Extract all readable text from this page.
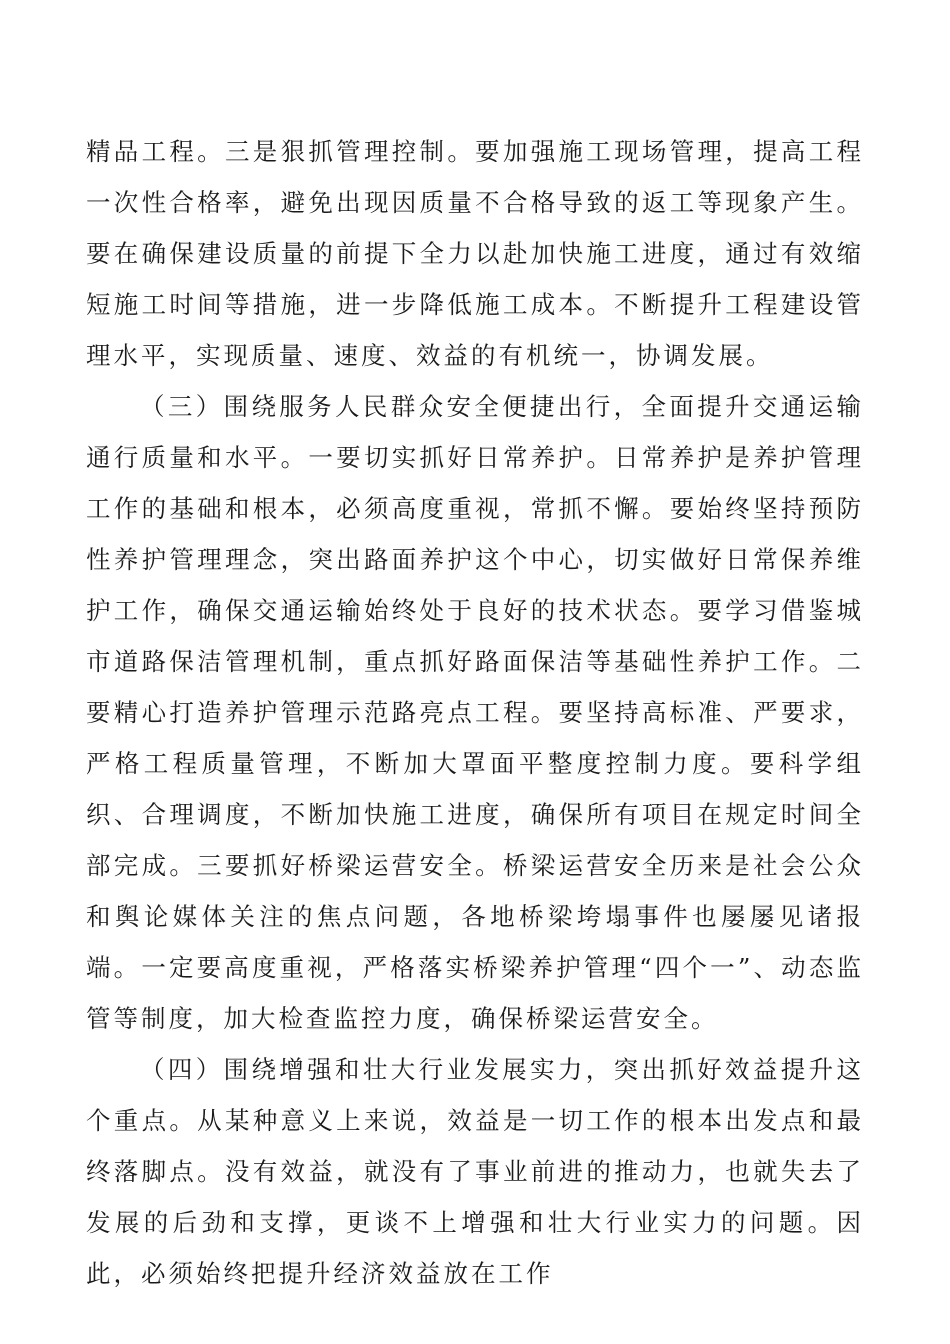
精品工程。三是狠抓管理控制。要加强施工现场管理，提高工程一次性合格率，避免出现因质量不合格导致的返工等现象产生。要在确保建设质量的前提下全力以赴加快施工进度，通过有效缩短施工时间等措施，进一步降低施工成本。不断提升工程建设管理水平，实现质量、速度、效益的有机统一，协调发展。

（三）围绕服务人民群众安全便捷出行，全面提升交通运输通行质量和水平。一要切实抓好日常养护。日常养护是养护管理工作的基础和根本，必须高度重视，常抓不懈。要始终坚持预防性养护管理理念，突出路面养护这个中心，切实做好日常保养维护工作，确保交通运输始终处于良好的技术状态。要学习借鉴城市道路保洁管理机制，重点抓好路面保洁等基础性养护工作。二要精心打造养护管理示范路亮点工程。要坚持高标准、严要求，严格工程质量管理，不断加大罩面平整度控制力度。要科学组织、合理调度，不断加快施工进度，确保所有项目在规定时间全部完成。三要抓好桥梁运营安全。桥梁运营安全历来是社会公众和舆论媒体关注的焦点问题，各地桥梁垮塌事件也屡屡见诸报端。一定要高度重视，严格落实桥梁养护管理“四个一”、动态监管等制度，加大检查监控力度，确保桥梁运营安全。

（四）围绕增强和壮大行业发展实力，突出抓好效益提升这个重点。从某种意义上来说，效益是一切工作的根本出发点和最终落脚点。没有效益，就没有了事业前进的推动力，也就失去了发展的后劲和支撑，更谈不上增强和壮大行业实力的问题。因此，必须始终把提升经济效益放在工作
